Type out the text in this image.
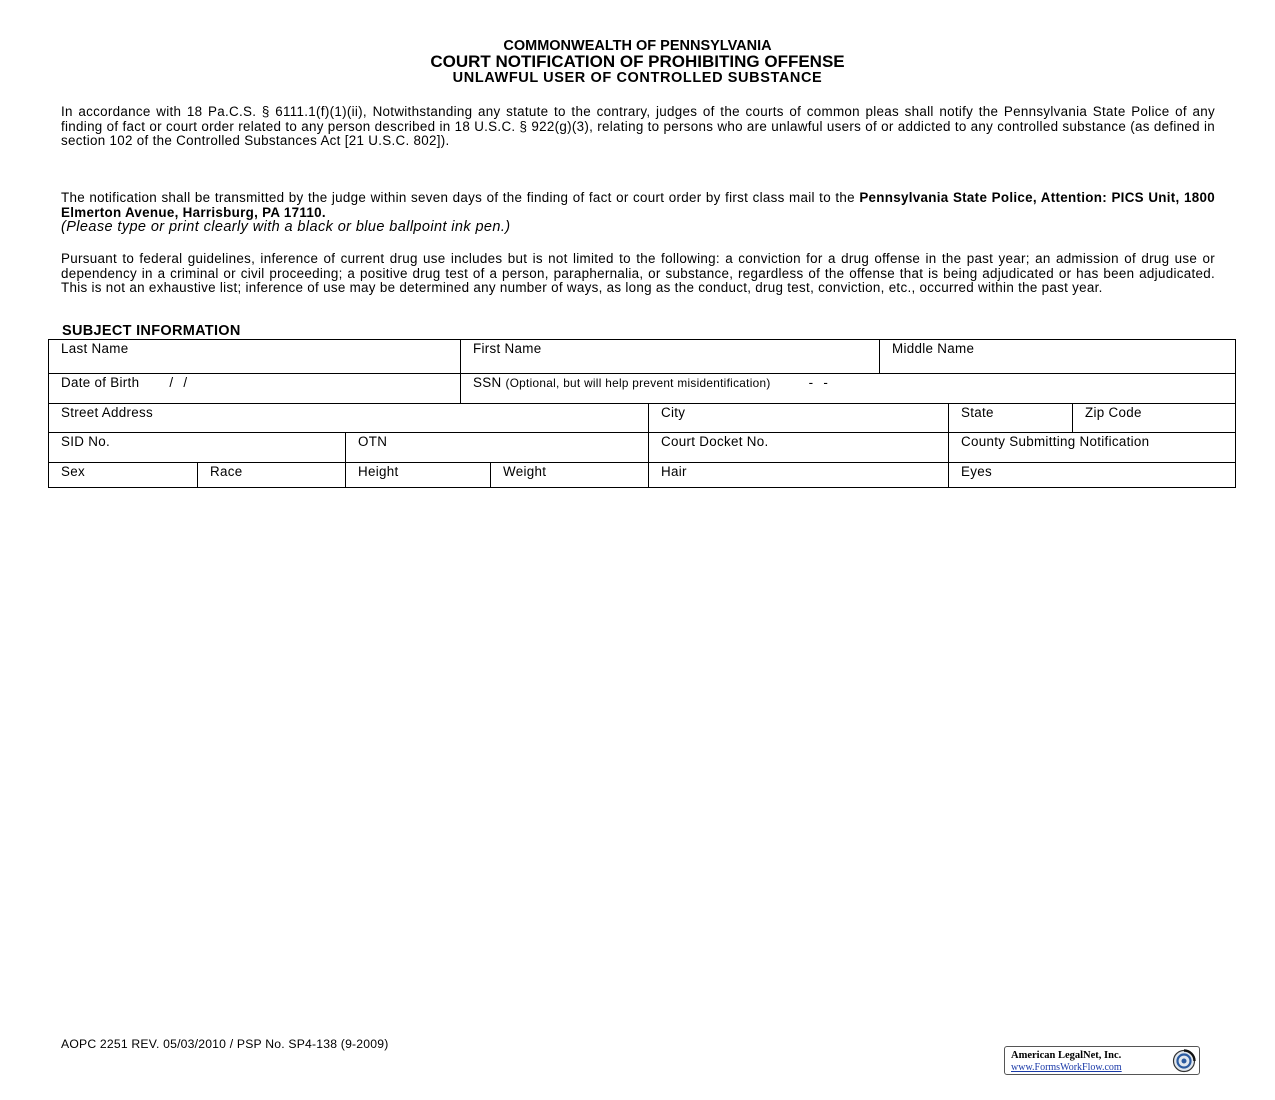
COMMONWEALTH OF PENNSYLVANIA
COURT NOTIFICATION OF PROHIBITING OFFENSE
UNLAWFUL USER OF CONTROLLED SUBSTANCE

In accordance with 18 Pa.C.S. § 6111.1(f)(1)(ii), Notwithstanding any statute to the contrary, judges of the courts of common pleas shall notify the Pennsylvania State Police of any finding of fact or court order related to any person described in 18 U.S.C. § 922(g)(3), relating to persons who are unlawful users of or addicted to any controlled substance (as defined in section 102 of the Controlled Substances Act [21 U.S.C. 802]).

The notification shall be transmitted by the judge within seven days of the finding of fact or court order by first class mail to the Pennsylvania State Police, Attention: PICS Unit, 1800 Elmerton Avenue, Harrisburg, PA 17110.
(Please type or print clearly with a black or blue ballpoint ink pen.)

Pursuant to federal guidelines, inference of current drug use includes but is not limited to the following: a conviction for a drug offense in the past year; an admission of drug use or dependency in a criminal or civil proceeding; a positive drug test of a person, paraphernalia, or substance, regardless of the offense that is being adjudicated or has been adjudicated. This is not an exhaustive list; inference of use may be determined any number of ways, as long as the conduct, drug test, conviction, etc., occurred within the past year.

SUBJECT INFORMATION
Last Name	First Name	Middle Name
Date of Birth / /	SSN (Optional, but will help prevent misidentification)	- -
Street Address	City	State	Zip Code
SID No.	OTN	Court Docket No.	County Submitting Notification
Sex	Race	Height	Weight	Hair	Eyes
AOPC 2251 REV. 05/03/2010 / PSP No. SP4-138 (9-2009)
American LegalNet, Inc.
www.FormsWorkFlow.com
